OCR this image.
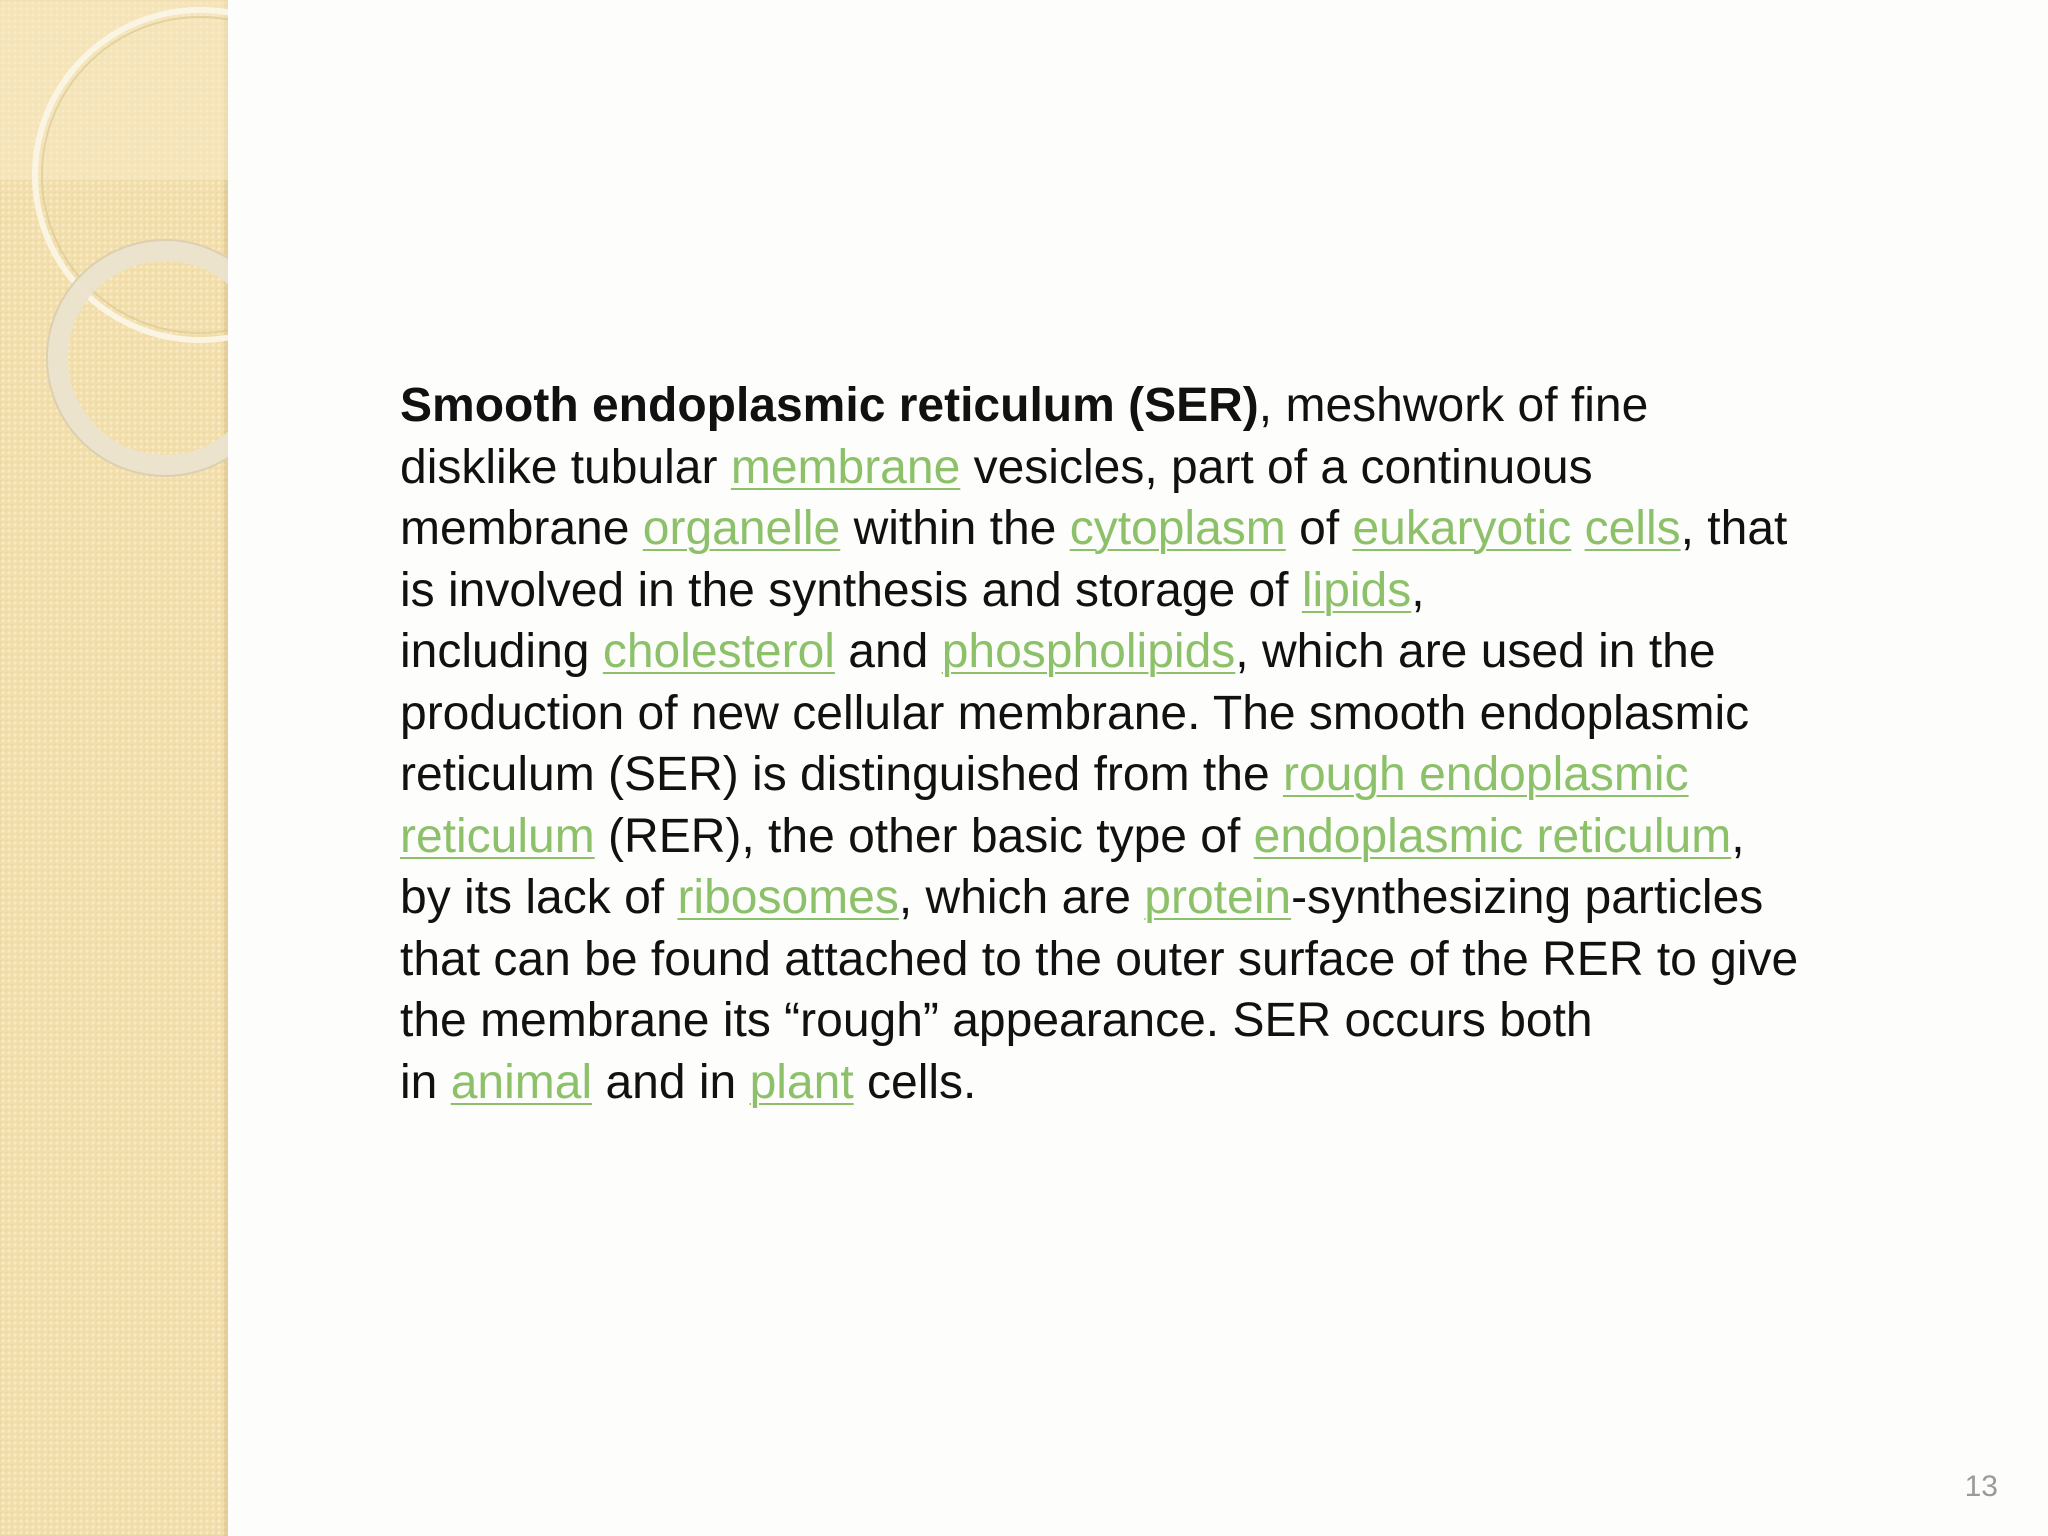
Smooth endoplasmic reticulum (SER), meshwork of fine
disklike tubular membrane vesicles, part of a continuous
membrane organelle within the cytoplasm of eukaryotic cells, that
is involved in the synthesis and storage of lipids,
including cholesterol and phospholipids, which are used in the
production of new cellular membrane. The smooth endoplasmic
reticulum (SER) is distinguished from the rough endoplasmic
reticulum (RER), the other basic type of endoplasmic reticulum,
by its lack of ribosomes, which are protein-synthesizing particles
that can be found attached to the outer surface of the RER to give
the membrane its “rough” appearance. SER occurs both
in animal and in plant cells.
13
